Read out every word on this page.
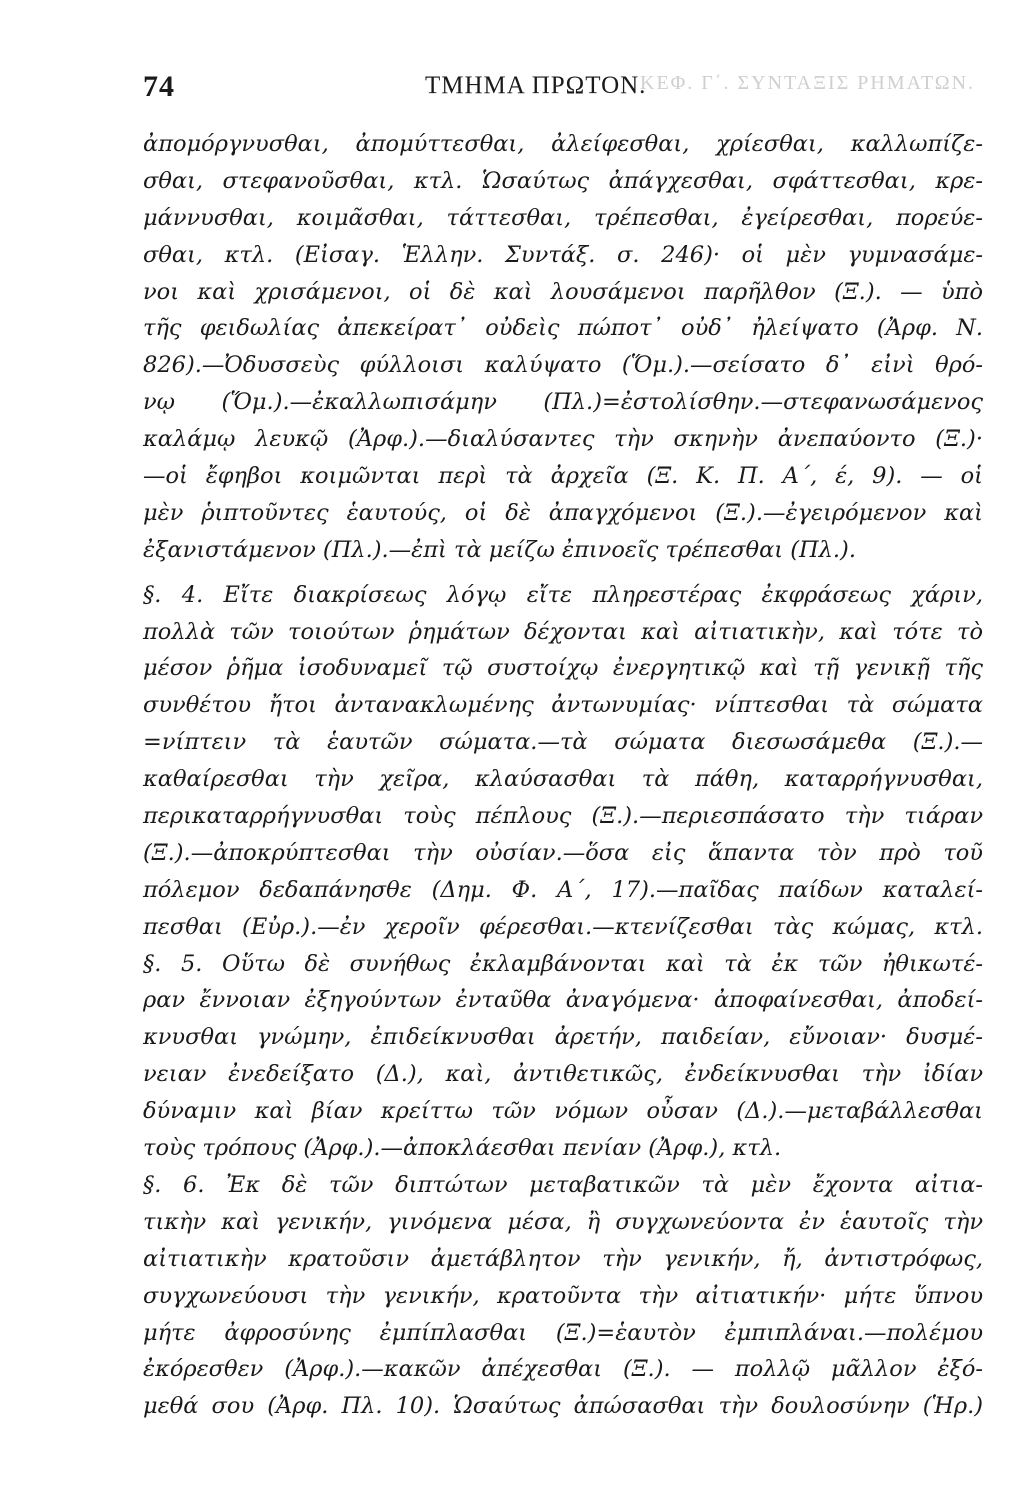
ΚΕΦ. Γ΄. ΣΥΝΤΑΞΙΣ ΡΗΜΑΤΩΝ.
74	ΤΜΗΜΑ ΠΡΩΤΟΝ.
ἀπομόργνυσθαι, ἀπομύττεσθαι, ἀλείφεσθαι, χρίεσθαι, καλλωπίζε-
σθαι, στεφανοῦσθαι, κτλ. Ὡσαύτως ἀπάγχεσθαι, σφάττεσθαι, κρε-
μάννυσθαι, κοιμᾶσθαι, τάττεσθαι, τρέπεσθαι, ἐγείρεσθαι, πορεύε-
σθαι, κτλ. (Εἰσαγ. Ἑλλην. Συντάξ. σ. 246)· οἱ μὲν γυμνασάμε-
νοι καὶ χρισάμενοι, οἱ δὲ καὶ λουσάμενοι παρῆλθον (Ξ.). — ὑπὸ
τῆς φειδωλίας ἀπεκείρατ᾿ οὐδεὶς πώποτ᾿ οὐδ᾿ ἠλείψατο (Ἀρφ. Ν.
826).—Ὀδυσσεὺς φύλλοισι καλύψατο (Ὅμ.).—σείσατο δ᾿ εἰνὶ θρό-
νῳ (Ὅμ.).—ἐκαλλωπισάμην (Πλ.)=ἐστολίσθην.—στεφανωσάμενος
καλάμῳ λευκῷ (Ἀρφ.).—διαλύσαντες τὴν σκηνὴν ἀνεπαύοντο (Ξ.)·
—οἱ ἔφηβοι κοιμῶνται περὶ τὰ ἀρχεῖα (Ξ. Κ. Π. Α΄, έ, 9). — οἱ
μὲν ῥιπτοῦντες ἑαυτούς, οἱ δὲ ἀπαγχόμενοι (Ξ.).—ἐγειρόμενον καὶ
ἐξανιστάμενον (Πλ.).—ἐπὶ τὰ μείζω ἐπινοεῖς τρέπεσθαι (Πλ.).
§. 4. Εἴτε διακρίσεως λόγῳ εἴτε πληρεστέρας ἐκφράσεως χάριν,
πολλὰ τῶν τοιούτων ῥημάτων δέχονται καὶ αἰτιατικὴν, καὶ τότε τὸ
μέσον ῥῆμα ἰσοδυναμεῖ τῷ συστοίχῳ ἐνεργητικῷ καὶ τῇ γενικῇ τῆς
συνθέτου ἤτοι ἀντανακλωμένης ἀντωνυμίας· νίπτεσθαι τὰ σώματα
=νίπτειν τὰ ἑαυτῶν σώματα.—τὰ σώματα διεσωσάμεθα (Ξ.).—
καθαίρεσθαι τὴν χεῖρα, κλαύσασθαι τὰ πάθη, καταρρήγνυσθαι,
περικαταρρήγνυσθαι τοὺς πέπλους (Ξ.).—περιεσπάσατο τὴν τιάραν
(Ξ.).—ἀποκρύπτεσθαι τὴν οὐσίαν.—ὅσα εἰς ἅπαντα τὸν πρὸ τοῦ
πόλεμον δεδαπάνησθε (Δημ. Φ. Α΄, 17).—παῖδας παίδων καταλεί-
πεσθαι (Εὐρ.).—ἐν χεροῖν φέρεσθαι.—κτενίζεσθαι τὰς κώμας, κτλ.
§. 5. Οὕτω δὲ συνήθως ἐκλαμβάνονται καὶ τὰ ἐκ τῶν ἠθικωτέ-
ραν ἔννοιαν ἐξηγούντων ἐνταῦθα ἀναγόμενα· ἀποφαίνεσθαι, ἀποδεί-
κνυσθαι γνώμην, ἐπιδείκνυσθαι ἀρετήν, παιδείαν, εὔνοιαν· δυσμέ-
νειαν ἐνεδείξατο (Δ.), καὶ, ἀντιθετικῶς, ἐνδείκνυσθαι τὴν ἰδίαν
δύναμιν καὶ βίαν κρείττω τῶν νόμων οὖσαν (Δ.).—μεταβάλλεσθαι
τοὺς τρόπους (Ἀρφ.).—ἀποκλάεσθαι πενίαν (Ἀρφ.), κτλ.
§. 6. Ἐκ δὲ τῶν διπτώτων μεταβατικῶν τὰ μὲν ἔχοντα αἰτια-
τικὴν καὶ γενικήν, γινόμενα μέσα, ἢ συγχωνεύοντα ἐν ἑαυτοῖς τὴν
αἰτιατικὴν κρατοῦσιν ἀμετάβλητον τὴν γενικήν, ἤ, ἀντιστρόφως,
συγχωνεύουσι τὴν γενικήν, κρατοῦντα τὴν αἰτιατικήν· μήτε ὕπνου
μήτε ἀφροσύνης ἐμπίπλασθαι (Ξ.)=ἑαυτὸν ἐμπιπλάναι.—πολέμου
ἐκόρεσθεν (Ἀρφ.).—κακῶν ἀπέχεσθαι (Ξ.). — πολλῷ μᾶλλον ἐξό-
μεθά σου (Ἀρφ. Πλ. 10). Ὡσαύτως ἀπώσασθαι τὴν δουλοσύνην (Ἡρ.)
